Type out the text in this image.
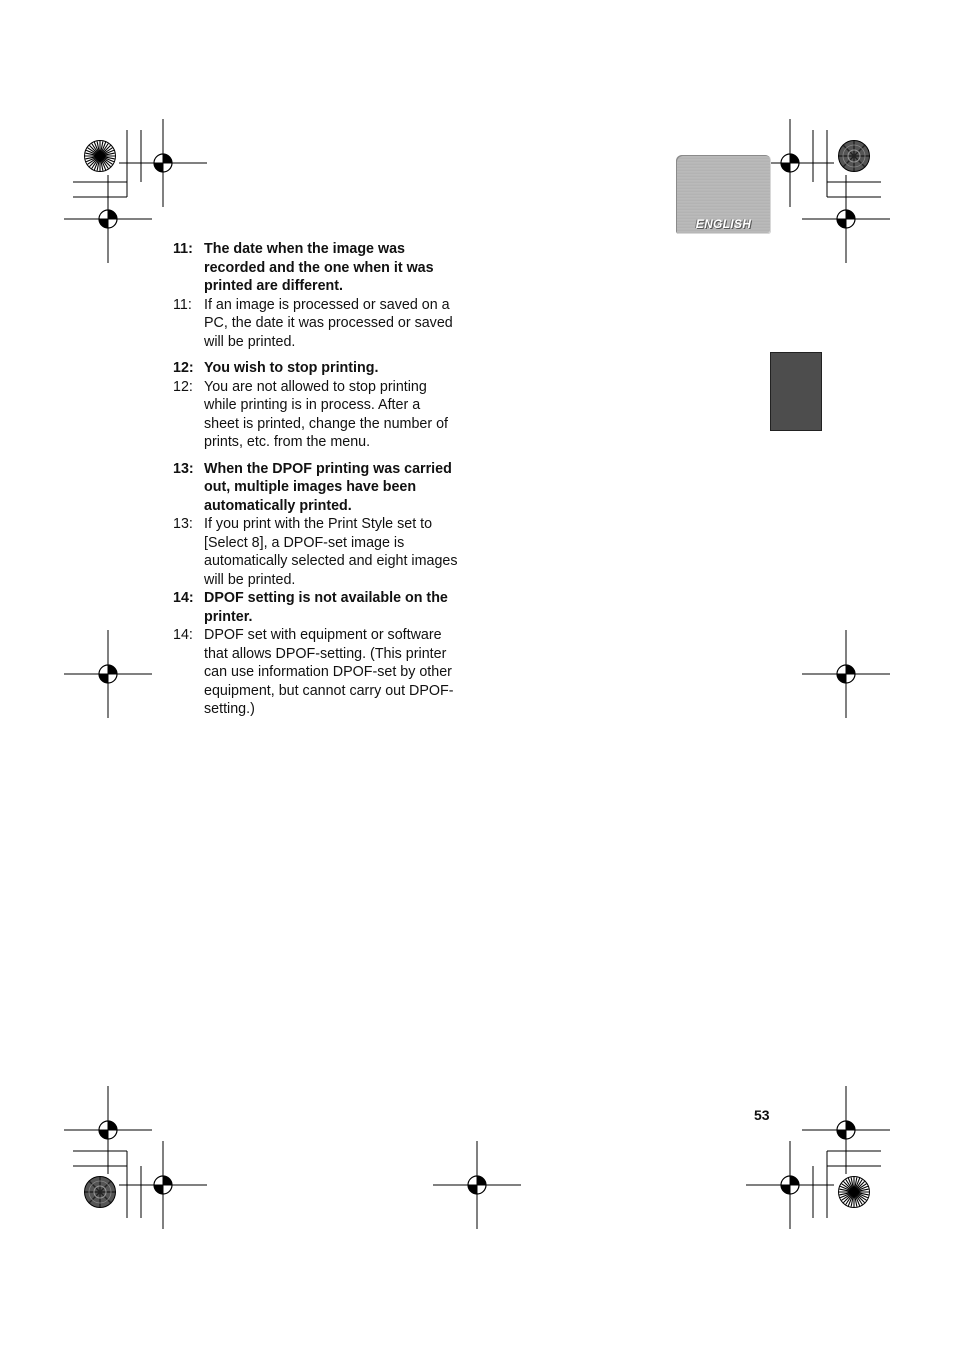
ENGLISH
11: The date when the image was recorded and the one when it was printed are different.
11: If an image is processed or saved on a PC, the date it was processed or saved will be printed.
12: You wish to stop printing.
12: You are not allowed to stop printing while printing is in process. After a sheet is printed, change the number of prints, etc. from the menu.
13: When the DPOF printing was carried out, multiple images have been automatically printed.
13: If you print with the Print Style set to [Select 8], a DPOF-set image is automatically selected and eight images will be printed.
14: DPOF setting is not available on the printer.
14: DPOF set with equipment or software that allows DPOF-setting. (This printer can use information DPOF-set by other equipment, but cannot carry out DPOF-setting.)
53
